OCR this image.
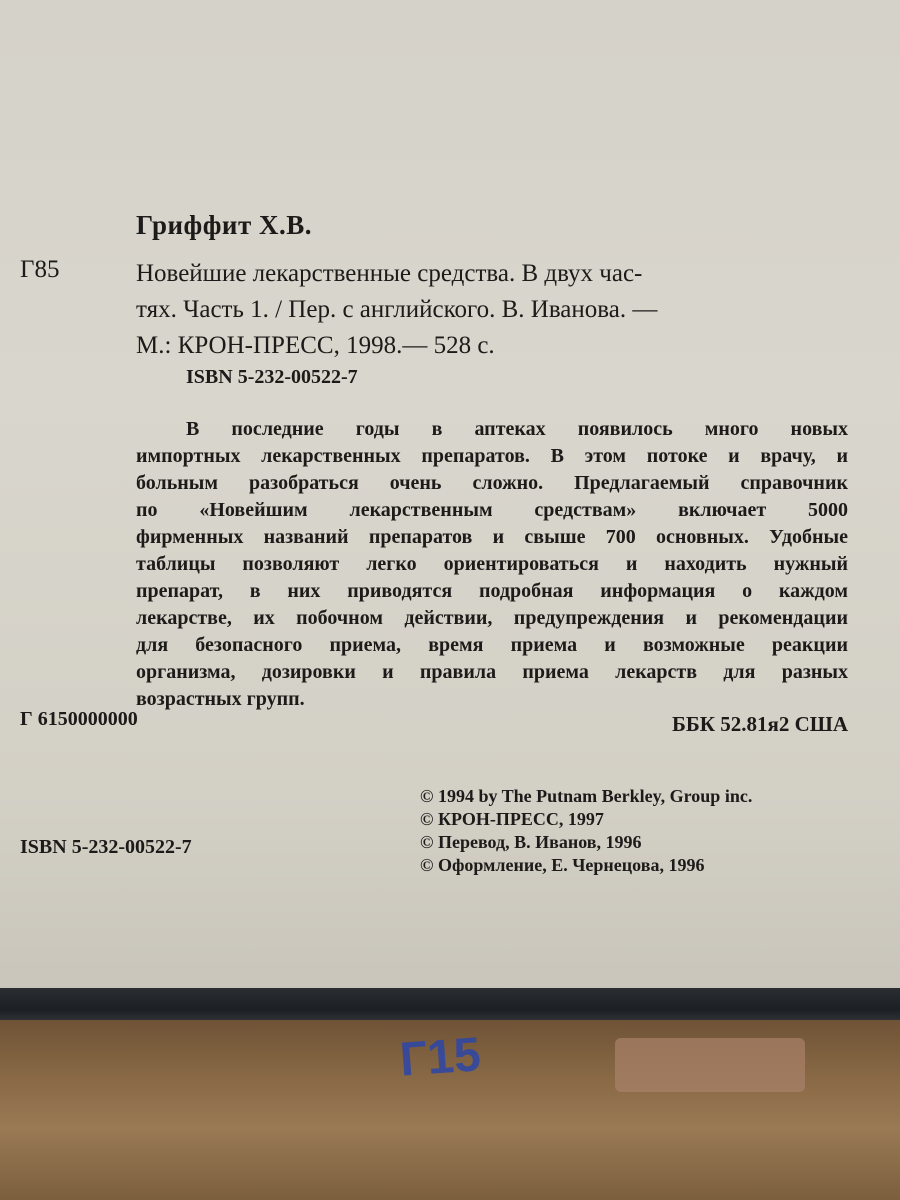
Гриффит Х.В.
Г85	Новейшие лекарственные средства. В двух час-
тях. Часть 1. / Пер. с английского. В. Иванова. —
М.: КРОН-ПРЕСС, 1998.— 528 с.
ISBN 5-232-00522-7
В последние годы в аптеках появилось много новых
импортных лекарственных препаратов. В этом потоке и врачу, и
больным разобраться очень сложно. Предлагаемый справочник
по «Новейшим лекарственным средствам» включает 5000
фирменных названий препаратов и свыше 700 основных. Удобные
таблицы позволяют легко ориентироваться и находить нужный
препарат, в них приводятся подробная информация о каждом
лекарстве, их побочном действии, предупреждения и рекомендации
для безопасного приема, время приема и возможные реакции
организма, дозировки и правила приема лекарств для разных
возрастных групп.
Г 6150000000	ББК 52.81я2 США
© 1994 by The Putnam Berkley, Group inc.
© КРОН-ПРЕСС, 1997
© Перевод, В. Иванов, 1996
© Оформление, Е. Чернецова, 1996
ISBN 5-232-00522-7
Г15
